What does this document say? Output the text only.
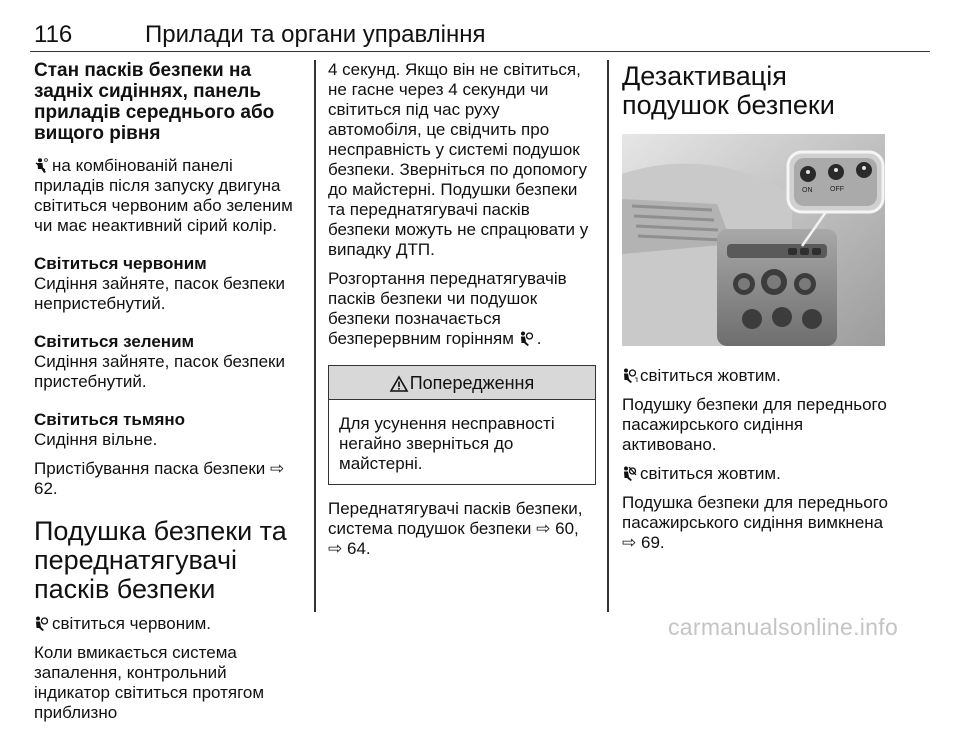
116	Прилади та органи управління
Стан пасків безпеки на задніх сидіннях, панель приладів середнього або вищого рівня
на комбінованій панелі приладів після запуску двигуна світиться червоним або зеленим чи має неактивний сірий колір.
Світиться червоним
Сидіння зайняте, пасок безпеки непристебнутий.
Світиться зеленим
Сидіння зайняте, пасок безпеки пристебнутий.
Світиться тьмяно
Сидіння вільне.
Пристібування паска безпеки ⇨ 62.
Подушка безпеки та переднатягувачі пасків безпеки
світиться червоним.
Коли вмикається система запалення, контрольний індикатор світиться протягом приблизно
4 секунд. Якщо він не світиться, не гасне через 4 секунди чи світиться під час руху автомобіля, це свідчить про несправність у системі подушок безпеки. Зверніться по допомогу до майстерні. Подушки безпеки та переднатягувачі пасків безпеки можуть не спрацювати у випадку ДТП.
Розгортання переднатягувачів пасків безпеки чи подушок безпеки позначається безперервним горінням .
Попередження
Для усунення несправності негайно зверніться до майстерні.
Переднатягувачі пасків безпеки, система подушок безпеки ⇨ 60,
⇨ 64.
Дезактивація подушок безпеки
ON	OFF
світиться жовтим.
Подушку безпеки для переднього пасажирського сидіння активовано.
світиться жовтим.
Подушка безпеки для переднього пасажирського сидіння вимкнена
⇨ 69.
carmanualsonline.info
